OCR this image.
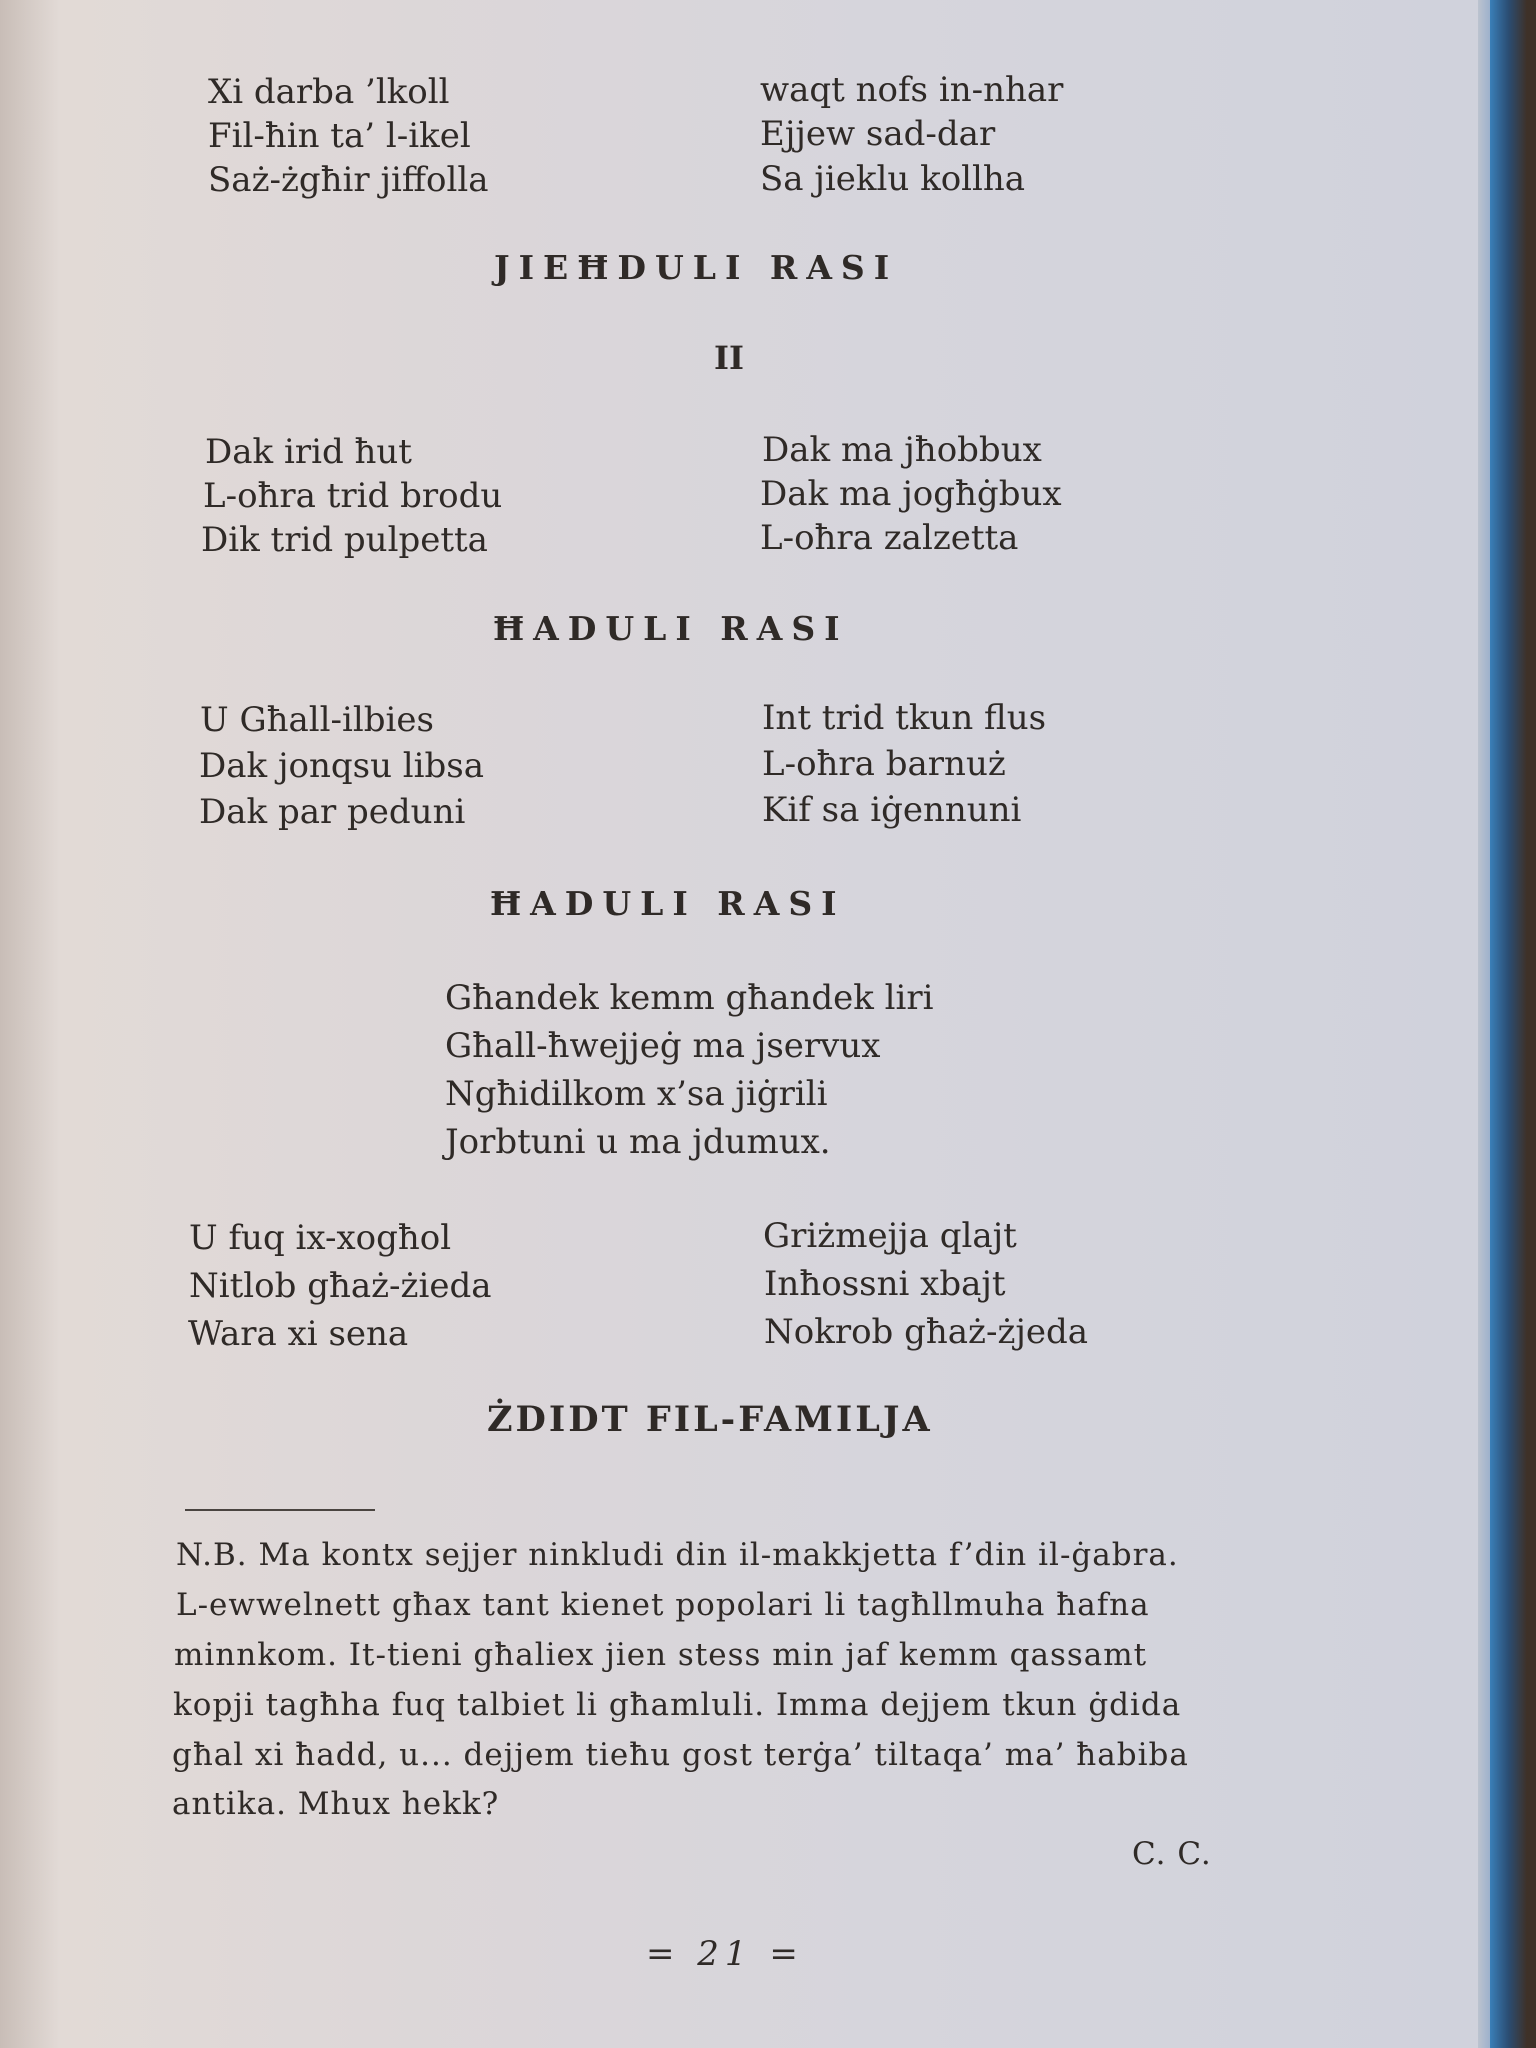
Xi darba ’lkoll
Fil-ħin ta’ l-ikel
Saż-żgħir jiffolla
waqt nofs in-nhar
Ejjew sad-dar
Sa jieklu kollha
JIEĦDULI RASI
II
Dak irid ħut
L-oħra trid brodu
Dik trid pulpetta
Dak ma jħobbux
Dak ma jogħġbux
L-oħra zalzetta
ĦADULI RASI
U Għall-ilbies
Dak jonqsu libsa
Dak par peduni
Int trid tkun flus
L-oħra barnuż
Kif sa iġennuni
ĦADULI RASI
Għandek kemm għandek liri
Għall-ħwejjeġ ma jservux
Ngħidilkom x’sa jiġrili
Jorbtuni u ma jdumux.
U fuq ix-xogħol
Nitlob għaż-żieda
Wara xi sena
Griżmejja qlajt
Inħossni xbajt
Nokrob għaż-żjeda
ŻDIDT FIL-FAMILJA
N.B. Ma kontx sejjer ninkludi din il-makkjetta f’din il-ġabra.
L-ewwelnett għax tant kienet popolari li tagħllmuha ħafna
minnkom. It-tieni għaliex jien stess min jaf kemm qassamt
kopji tagħha fuq talbiet li għamluli. Imma dejjem tkun ġdida
għal xi ħadd, u... dejjem tieħu gost terġa’ tiltaqa’ ma’ ħabiba
antika. Mhux hekk?
C. C.
= 21 =
